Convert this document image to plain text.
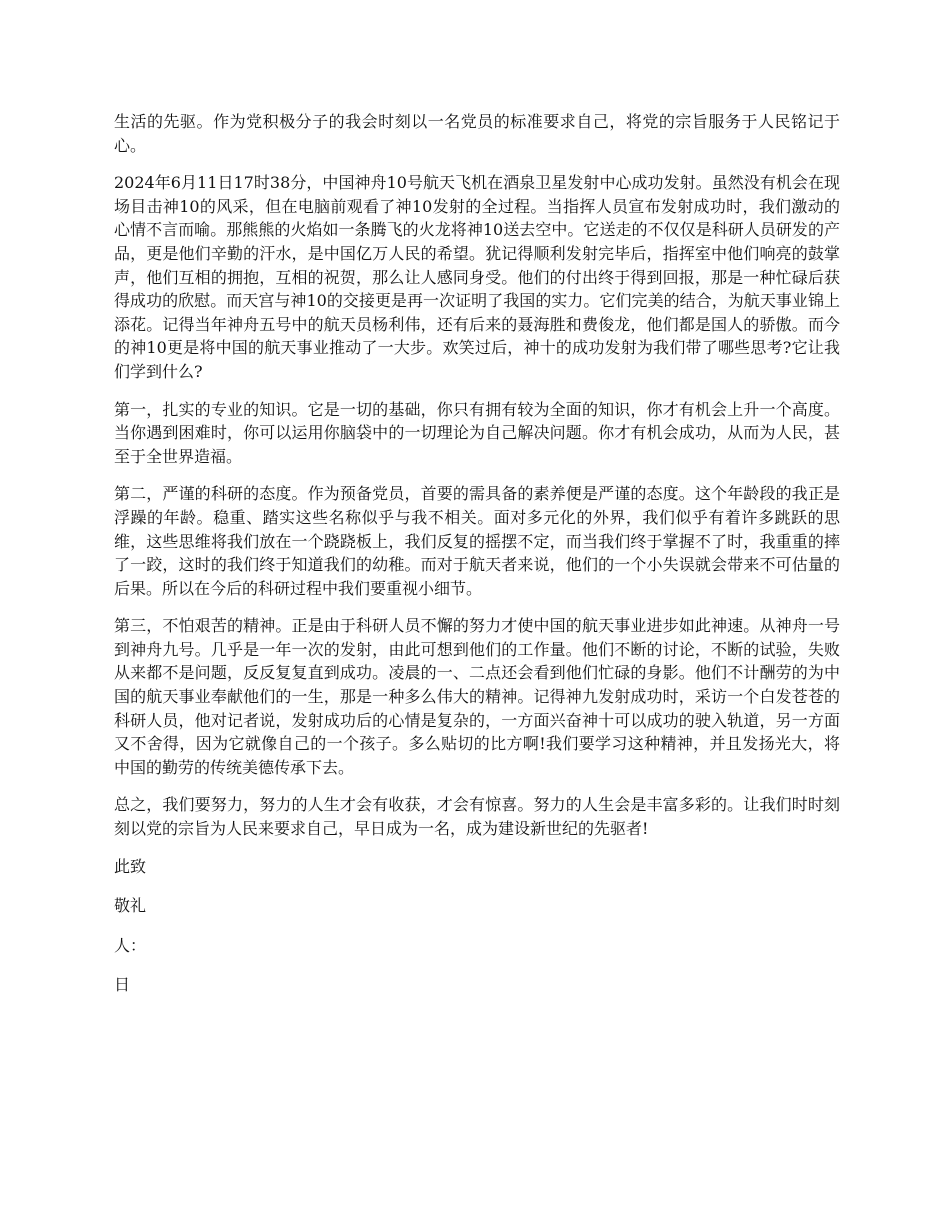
生活的先驱。作为党积极分子的我会时刻以一名党员的标准要求自己，将党的宗旨服务于人民铭记于心。

2024年6月11日17时38分，中国神舟10号航天飞机在酒泉卫星发射中心成功发射。虽然没有机会在现场目击神10的风采，但在电脑前观看了神10发射的全过程。当指挥人员宣布发射成功时，我们激动的心情不言而喻。那熊熊的火焰如一条腾飞的火龙将神10送去空中。它送走的不仅仅是科研人员研发的产品，更是他们辛勤的汗水，是中国亿万人民的希望。犹记得顺利发射完毕后，指挥室中他们响亮的鼓掌声，他们互相的拥抱，互相的祝贺，那么让人感同身受。他们的付出终于得到回报，那是一种忙碌后获得成功的欣慰。而天宫与神10的交接更是再一次证明了我国的实力。它们完美的结合，为航天事业锦上添花。记得当年神舟五号中的航天员杨利伟，还有后来的聂海胜和费俊龙，他们都是国人的骄傲。而今的神10更是将中国的航天事业推动了一大步。欢笑过后，神十的成功发射为我们带了哪些思考?它让我们学到什么?

第一，扎实的专业的知识。它是一切的基础，你只有拥有较为全面的知识，你才有机会上升一个高度。当你遇到困难时，你可以运用你脑袋中的一切理论为自己解决问题。你才有机会成功，从而为人民，甚至于全世界造福。

第二，严谨的科研的态度。作为预备党员，首要的需具备的素养便是严谨的态度。这个年龄段的我正是浮躁的年龄。稳重、踏实这些名称似乎与我不相关。面对多元化的外界，我们似乎有着许多跳跃的思维，这些思维将我们放在一个跷跷板上，我们反复的摇摆不定，而当我们终于掌握不了时，我重重的摔了一跤，这时的我们终于知道我们的幼稚。而对于航天者来说，他们的一个小失误就会带来不可估量的后果。所以在今后的科研过程中我们要重视小细节。

第三，不怕艰苦的精神。正是由于科研人员不懈的努力才使中国的航天事业进步如此神速。从神舟一号到神舟九号。几乎是一年一次的发射，由此可想到他们的工作量。他们不断的讨论，不断的试验，失败从来都不是问题，反反复复直到成功。凌晨的一、二点还会看到他们忙碌的身影。他们不计酬劳的为中国的航天事业奉献他们的一生，那是一种多么伟大的精神。记得神九发射成功时，采访一个白发苍苍的科研人员，他对记者说，发射成功后的心情是复杂的，一方面兴奋神十可以成功的驶入轨道，另一方面又不舍得，因为它就像自己的一个孩子。多么贴切的比方啊!我们要学习这种精神，并且发扬光大，将中国的勤劳的传统美德传承下去。

总之，我们要努力，努力的人生才会有收获，才会有惊喜。努力的人生会是丰富多彩的。让我们时时刻刻以党的宗旨为人民来要求自己，早日成为一名，成为建设新世纪的先驱者!

此致

敬礼

人：

日
